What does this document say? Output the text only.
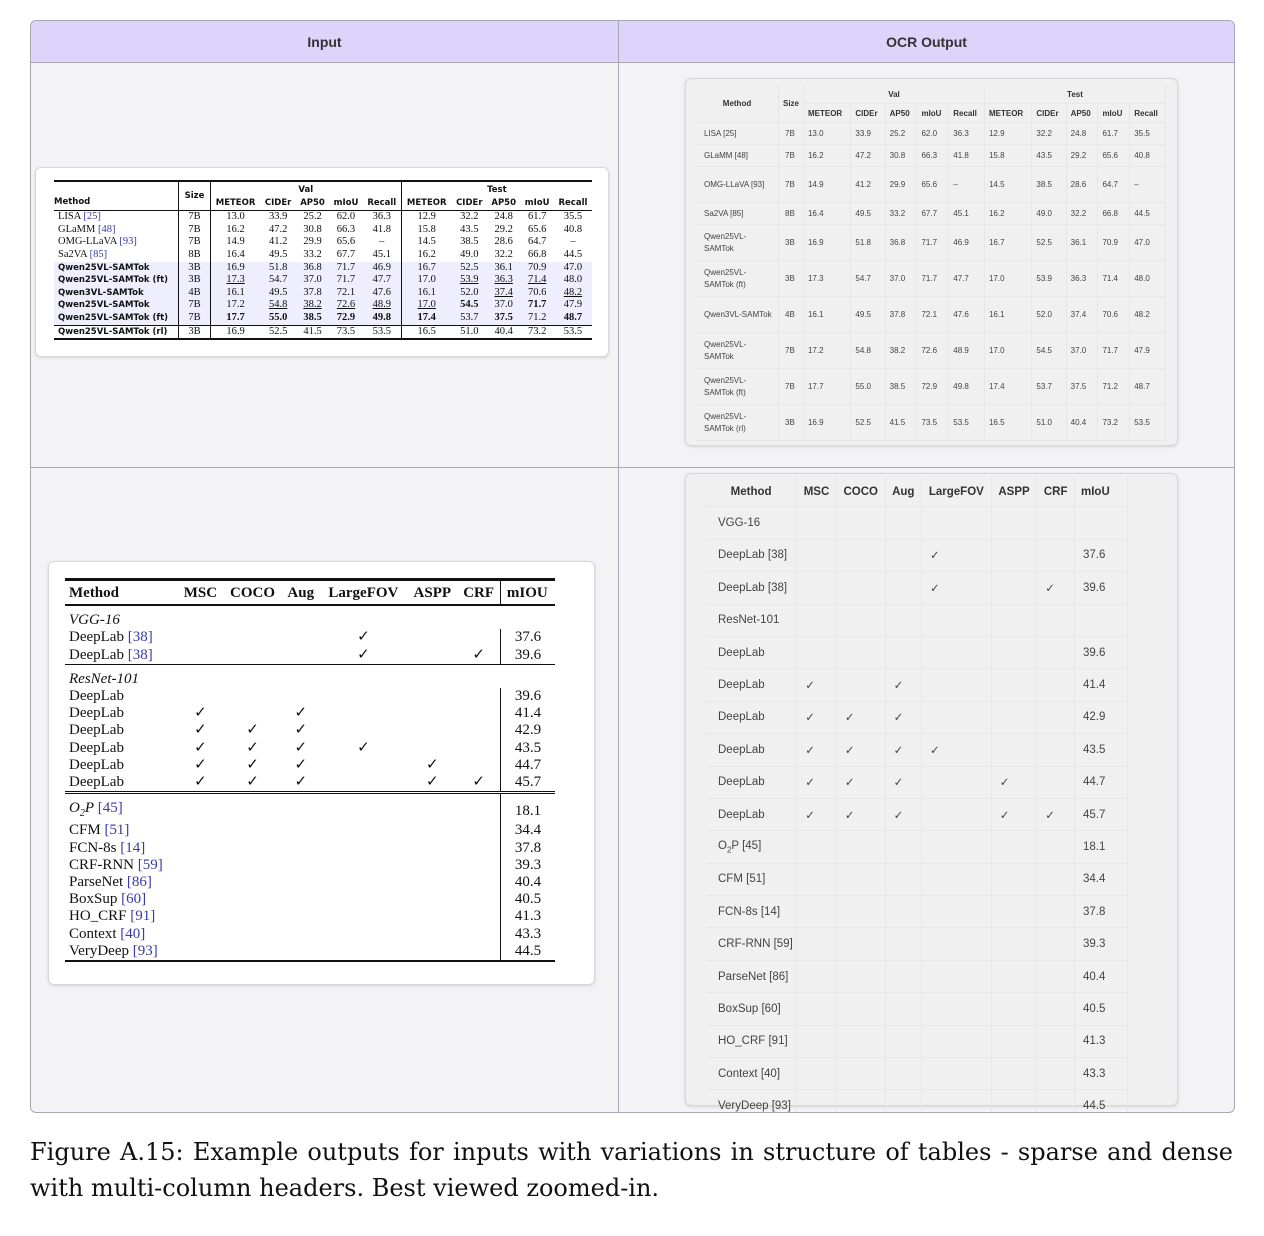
Input	OCR Output
Method	Size	Val					Test				
		METEOR	CIDEr	AP50	mIoU	Recall	METEOR	CIDEr	AP50	mIoU	Recall
LISA [25]	7B	13.0	33.9	25.2	62.0	36.3	12.9	32.2	24.8	61.7	35.5
GLaMM [48]	7B	16.2	47.2	30.8	66.3	41.8	15.8	43.5	29.2	65.6	40.8
OMG-LLaVA [93]	7B	14.9	41.2	29.9	65.6	–	14.5	38.5	28.6	64.7	–
Sa2VA [85]	8B	16.4	49.5	33.2	67.7	45.1	16.2	49.0	32.2	66.8	44.5
Qwen25VL-SAMTok	3B	16.9	51.8	36.8	71.7	46.9	16.7	52.5	36.1	70.9	47.0
Qwen25VL-SAMTok (ft)	3B	17.3	54.7	37.0	71.7	47.7	17.0	53.9	36.3	71.4	48.0
Qwen3VL-SAMTok	4B	16.1	49.5	37.8	72.1	47.6	16.1	52.0	37.4	70.6	48.2
Qwen25VL-SAMTok	7B	17.2	54.8	38.2	72.6	48.9	17.0	54.5	37.0	71.7	47.9
Qwen25VL-SAMTok (ft)	7B	17.7	55.0	38.5	72.9	49.8	17.4	53.7	37.5	71.2	48.7
Qwen25VL-SAMTok (rl)	3B	16.9	52.5	41.5	73.5	53.5	16.5	51.0	40.4	73.2	53.5
Method	Size	Val					Test				
		METEOR	CIDEr	AP50	mIoU	Recall	METEOR	CIDEr	AP50	mIoU	Recall
LISA [25]	7B	13.0	33.9	25.2	62.0	36.3	12.9	32.2	24.8	61.7	35.5
GLaMM [48]	7B	16.2	47.2	30.8	66.3	41.8	15.8	43.5	29.2	65.6	40.8
OMG-LLaVA [93]	7B	14.9	41.2	29.9	65.6	–	14.5	38.5	28.6	64.7	–
Sa2VA [85]	8B	16.4	49.5	33.2	67.7	45.1	16.2	49.0	32.2	66.8	44.5
Qwen25VL-SAMTok	3B	16.9	51.8	36.8	71.7	46.9	16.7	52.5	36.1	70.9	47.0
Qwen25VL-SAMTok (ft)	3B	17.3	54.7	37.0	71.7	47.7	17.0	53.9	36.3	71.4	48.0
Qwen3VL-SAMTok	4B	16.1	49.5	37.8	72.1	47.6	16.1	52.0	37.4	70.6	48.2
Qwen25VL-SAMTok	7B	17.2	54.8	38.2	72.6	48.9	17.0	54.5	37.0	71.7	47.9
Qwen25VL-SAMTok (ft)	7B	17.7	55.0	38.5	72.9	49.8	17.4	53.7	37.5	71.2	48.7
Qwen25VL-SAMTok (rl)	3B	16.9	52.5	41.5	73.5	53.5	16.5	51.0	40.4	73.2	53.5
Method	MSC	COCO	Aug	LargeFOV	ASPP	CRF	mIOU
VGG-16							
DeepLab [38]				✓			37.6
DeepLab [38]				✓		✓	39.6
ResNet-101							
DeepLab							39.6
DeepLab	✓		✓				41.4
DeepLab	✓	✓	✓				42.9
DeepLab	✓	✓	✓	✓			43.5
DeepLab	✓	✓	✓		✓		44.7
DeepLab	✓	✓	✓		✓	✓	45.7
$O_2P$ [45]							18.1
CFM [51]							34.4
FCN-8s [14]							37.8
CRF-RNN [59]							39.3
ParseNet [86]							40.4
BoxSup [60]							40.5
HO_CRF [91]							41.3
Context [40]							43.3
VeryDeep [93]							44.5
Method	MSC	COCO	Aug	LargeFOV	ASPP	CRF	mIoU
VGG-16							
DeepLab [38]				✓			37.6
DeepLab [38]				✓		✓	39.6
ResNet-101							
DeepLab							39.6
DeepLab	✓		✓				41.4
DeepLab	✓	✓	✓				42.9
DeepLab	✓	✓	✓	✓			43.5
DeepLab	✓	✓	✓		✓		44.7
DeepLab	✓	✓	✓		✓	✓	45.7
$O_2P$ [45]							18.1
CFM [51]							34.4
FCN-8s [14]							37.8
CRF-RNN [59]							39.3
ParseNet [86]							40.4
BoxSup [60]							40.5
HO_CRF [91]							41.3
Context [40]							43.3
VeryDeep [93]							44.5
Figure A.15: Example outputs for inputs with variations in structure of tables - sparse and dense with multi-column headers. Best viewed zoomed-in.
